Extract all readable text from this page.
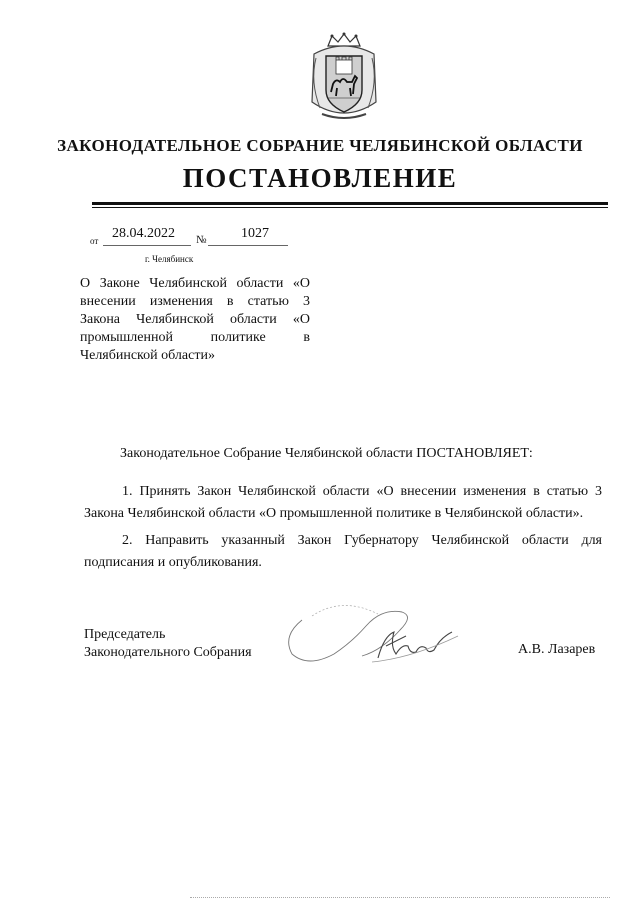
ЗАКОНОДАТЕЛЬНОЕ СОБРАНИЕ ЧЕЛЯБИНСКОЙ ОБЛАСТИ
ПОСТАНОВЛЕНИЕ
от 28.04.2022 № 1027
г. Челябинск
О Законе Челябинской области «О внесении изменения в статью 3 Закона Челябинской области «О промышленной политике в Челябинской области»
Законодательное Собрание Челябинской области ПОСТАНОВЛЯЕТ:
1. Принять Закон Челябинской области «О внесении изменения в статью 3 Закона Челябинской области «О промышленной политике в Челябинской области».
2. Направить указанный Закон Губернатору Челябинской области для подписания и опубликования.
Председатель
Законодательного Собрания	А.В. Лазарев
